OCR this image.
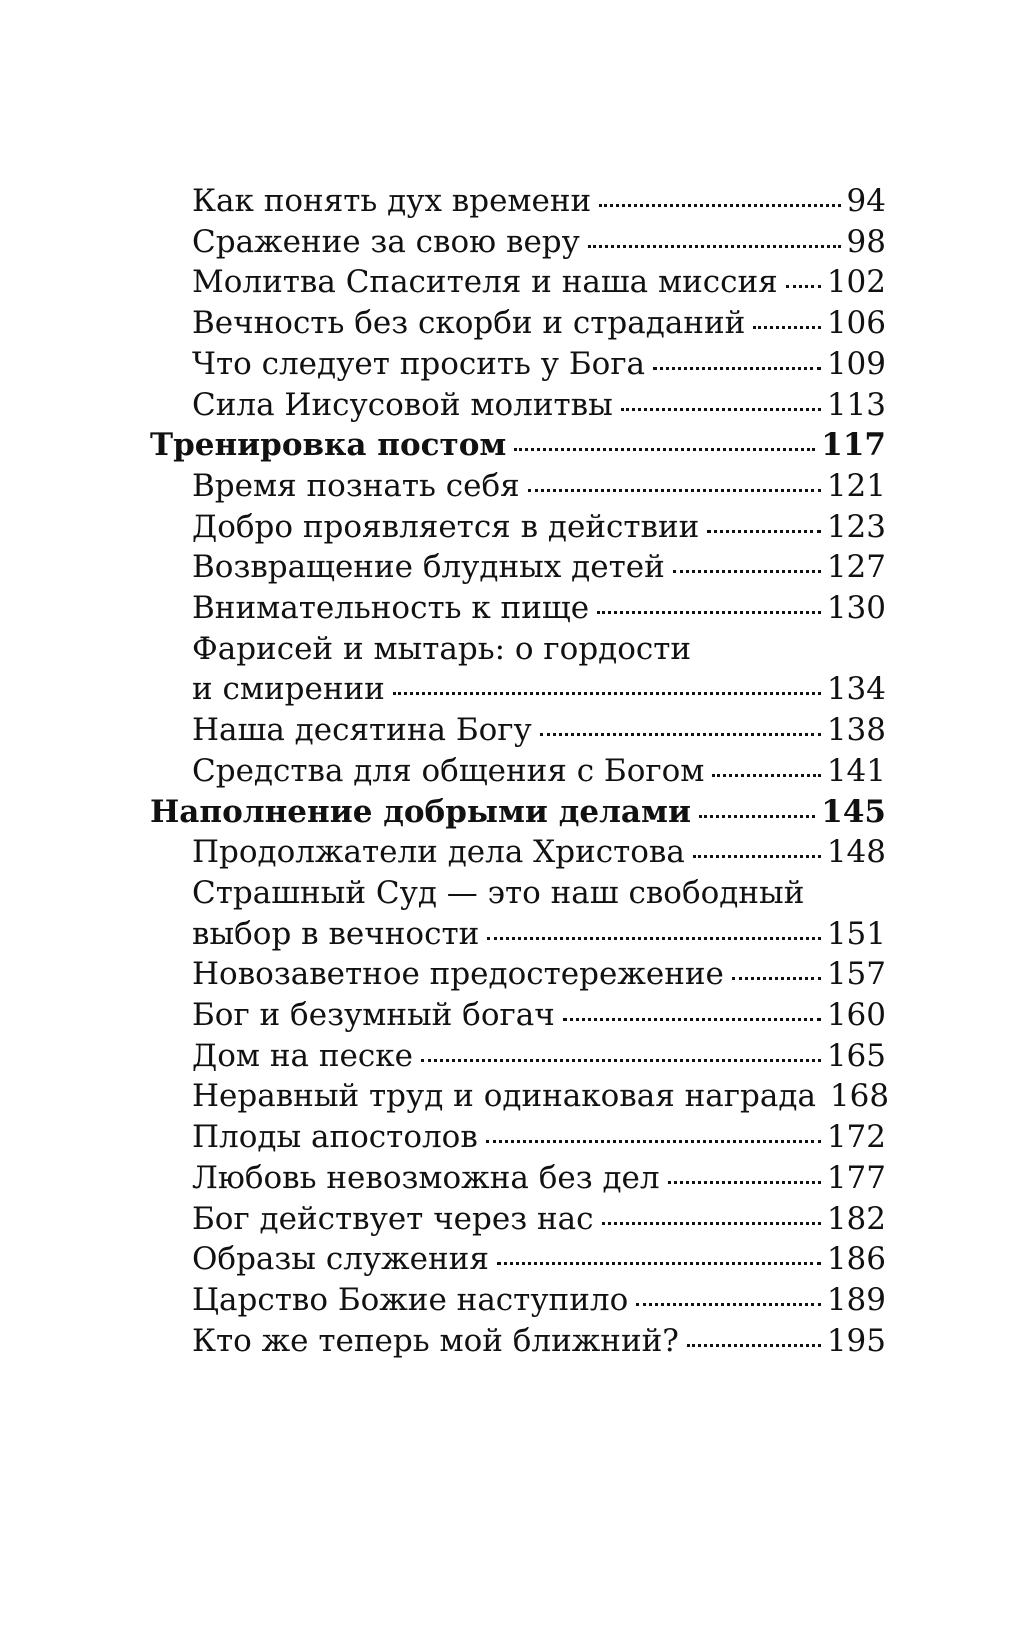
Как понять дух времени	94
Сражение за свою веру	98
Молитва Спасителя и наша миссия 102
Вечность без скорби и страданий	106
Что следует просить у Бога	109
Сила Иисусовой молитвы	113
Тренировка постом	117
Время познать себя	121
Добро проявляется в действии	123
Возвращение блудных детей	127
Внимательность к пище	130
Фарисей и мытарь: о гордости
и смирении	134
Наша десятина Богу	138
Средства для общения с Богом	141
Наполнение добрыми делами	145
Продолжатели дела Христова	148
Страшный Суд — это наш свободный
выбор в вечности	151
Новозаветное предостережение	157
Бог и безумный богач	160
Дом на песке	165
Неравный труд и одинаковая награда 168
Плоды апостолов	172
Любовь невозможна без дел	177
Бог действует через нас	182
Образы служения	186
Царство Божие наступило	189
Кто же теперь мой ближний?	195
